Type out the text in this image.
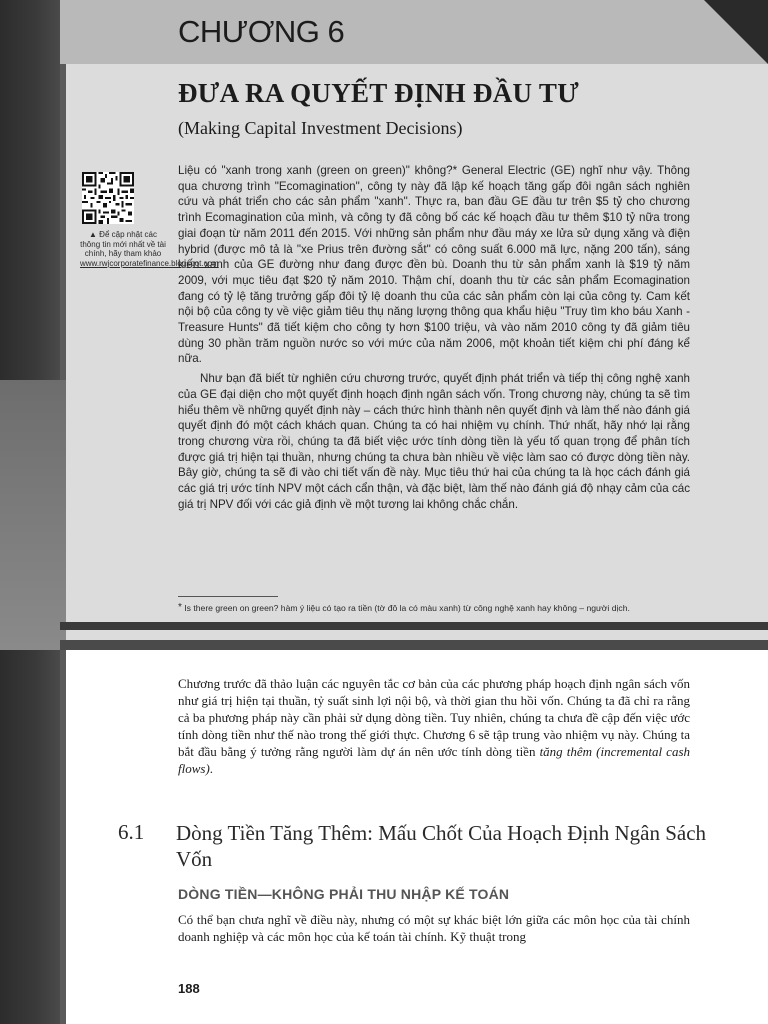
CHƯƠNG 6
ĐƯA RA QUYẾT ĐỊNH ĐẦU TƯ
(Making Capital Investment Decisions)
▲ Để cập nhật các thông tin mới nhất về tài chính, hãy tham khảo www.rwjcorporatefinance.blogspot.com

Liệu có "xanh trong xanh (green on green)" không?* General Electric (GE) nghĩ như vậy. Thông qua chương trình "Ecomagination", công ty này đã lập kế hoạch tăng gấp đôi ngân sách nghiên cứu và phát triển cho các sản phẩm "xanh". Thực ra, ban đầu GE đầu tư trên $5 tỷ cho chương trình Ecomagination của mình, và công ty đã công bố các kế hoạch đầu tư thêm $10 tỷ nữa trong giai đoạn từ năm 2011 đến 2015. Với những sản phẩm như đầu máy xe lửa sử dụng xăng và điện hybrid (được mô tả là "xe Prius trên đường sắt" có công suất 6.000 mã lực, nặng 200 tấn), sáng kiến xanh của GE đường như đang được đền bù. Doanh thu từ sản phẩm xanh là $19 tỷ năm 2009, với mục tiêu đạt $20 tỷ năm 2010. Thậm chí, doanh thu từ các sản phẩm Ecomagination đang có tỷ lệ tăng trưởng gấp đôi tỷ lệ doanh thu của các sản phẩm còn lại của công ty. Cam kết nội bộ của công ty về việc giảm tiêu thụ năng lượng thông qua khẩu hiệu "Truy tìm kho báu Xanh - Treasure Hunts" đã tiết kiệm cho công ty hơn $100 triệu, và vào năm 2010 công ty đã giảm tiêu dùng 30 phần trăm nguồn nước so với mức của năm 2006, một khoản tiết kiệm chi phí đáng kể nữa.

Như bạn đã biết từ nghiên cứu chương trước, quyết định phát triển và tiếp thị công nghệ xanh của GE đại diện cho một quyết định hoạch định ngân sách vốn. Trong chương này, chúng ta sẽ tìm hiểu thêm về những quyết định này – cách thức hình thành nên quyết định và làm thế nào đánh giá quyết định đó một cách khách quan. Chúng ta có hai nhiệm vụ chính. Thứ nhất, hãy nhớ lại rằng trong chương vừa rồi, chúng ta đã biết việc ước tính dòng tiền là yếu tố quan trọng để phân tích được giá trị hiện tại thuần, nhưng chúng ta chưa bàn nhiều về việc làm sao có được dòng tiền này. Bây giờ, chúng ta sẽ đi vào chi tiết vấn đề này. Mục tiêu thứ hai của chúng ta là học cách đánh giá các giá trị ước tính NPV một cách cẩn thận, và đặc biệt, làm thế nào đánh giá độ nhạy cảm của các giá trị NPV đối với các giả định về một tương lai không chắc chắn.

* Is there green on green? hàm ý liệu có tạo ra tiền (tờ đô la có màu xanh) từ công nghệ xanh hay không – người dịch.
Chương trước đã thảo luận các nguyên tắc cơ bản của các phương pháp hoạch định ngân sách vốn như giá trị hiện tại thuần, tỷ suất sinh lợi nội bộ, và thời gian thu hồi vốn. Chúng ta đã chỉ ra rằng cả ba phương pháp này cần phải sử dụng dòng tiền. Tuy nhiên, chúng ta chưa đề cập đến việc ước tính dòng tiền như thế nào trong thế giới thực. Chương 6 sẽ tập trung vào nhiệm vụ này. Chúng ta bắt đầu bằng ý tưởng rằng người làm dự án nên ước tính dòng tiền tăng thêm (incremental cash flows).
6.1 Dòng Tiền Tăng Thêm: Mấu Chốt Của Hoạch Định Ngân Sách Vốn
DÒNG TIỀN—KHÔNG PHẢI THU NHẬP KẾ TOÁN
Có thể bạn chưa nghĩ về điều này, nhưng có một sự khác biệt lớn giữa các môn học của tài chính doanh nghiệp và các môn học của kế toán tài chính. Kỹ thuật trong
188
